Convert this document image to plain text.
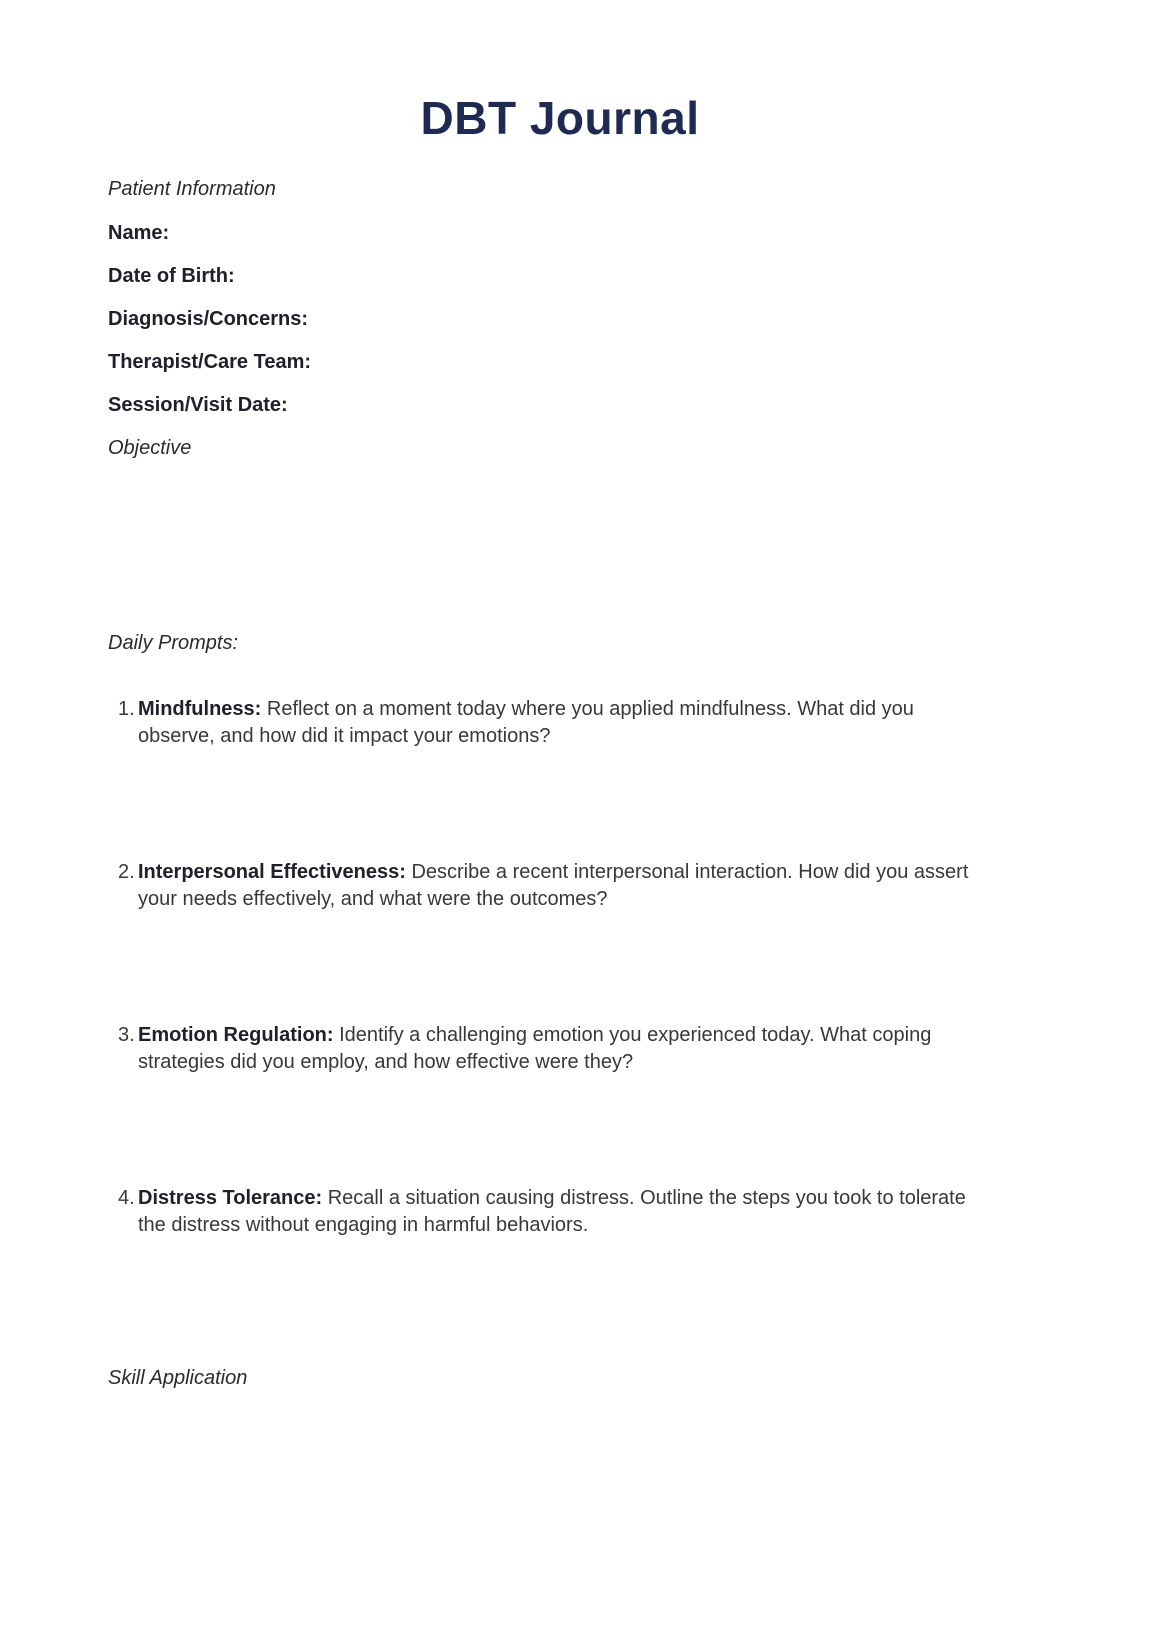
DBT Journal
Patient Information
Name:
Date of Birth:
Diagnosis/Concerns:
Therapist/Care Team:
Session/Visit Date:
Objective
Daily Prompts:
1. Mindfulness: Reflect on a moment today where you applied mindfulness. What did you observe, and how did it impact your emotions?
2. Interpersonal Effectiveness: Describe a recent interpersonal interaction. How did you assert your needs effectively, and what were the outcomes?
3. Emotion Regulation: Identify a challenging emotion you experienced today. What coping strategies did you employ, and how effective were they?
4. Distress Tolerance: Recall a situation causing distress. Outline the steps you took to tolerate the distress without engaging in harmful behaviors.
Skill Application
